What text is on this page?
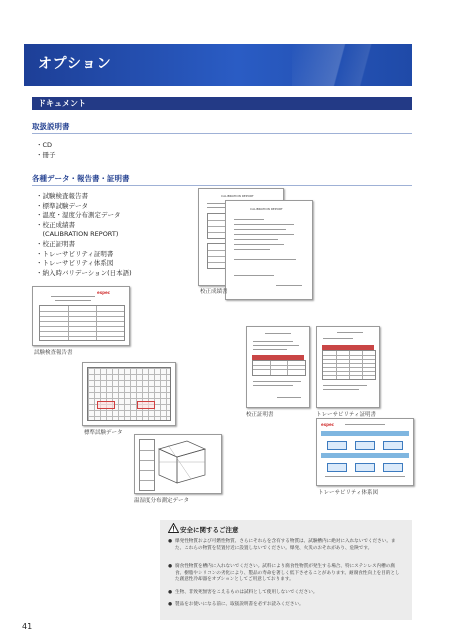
オプション
ドキュメント
取扱説明書
・CD
・冊子
各種データ・報告書・証明書
・試験検査報告書
・標準試験データ
・温度・湿度分布測定データ
・校正成績書
　(CALIBRATION REPORT)
・校正証明書
・トレーサビリティ証明書
・トレーサビリティ体系図
・納入時バリデーション(日本語)
CALIBRATION REPORT
CALIBRATION REPORT
校正成績書
espec
試験検査報告書
校正証明書	トレーサビリティ証明書
標準試験データ
温湿度分布測定データ
espec
トレーサビリティ体系図
安全に関するご注意
● 爆発性物質および可燃性物質、さらにそれらを含有する物質は、試験槽内に絶対に入れないでください。また、これらの物質を装置付近に設置しないでください。爆発、火災のおそれがあり、危険です。
● 腐食性物質を槽内に入れないでください。試料により腐食性物質が発生する場合、特にステンレス内槽の腐食、樹脂やシリコンの劣化により、製品の寿命を著しく低下させることがあります。耐腐食性向上を目的とした創意性冷却器をオプションとしてご用意しております。
● 生物、非致死無害をこえるものは試料として使用しないでください。
● 製品をお使いになる前に、取扱説明書を必ずお読みください。
41
